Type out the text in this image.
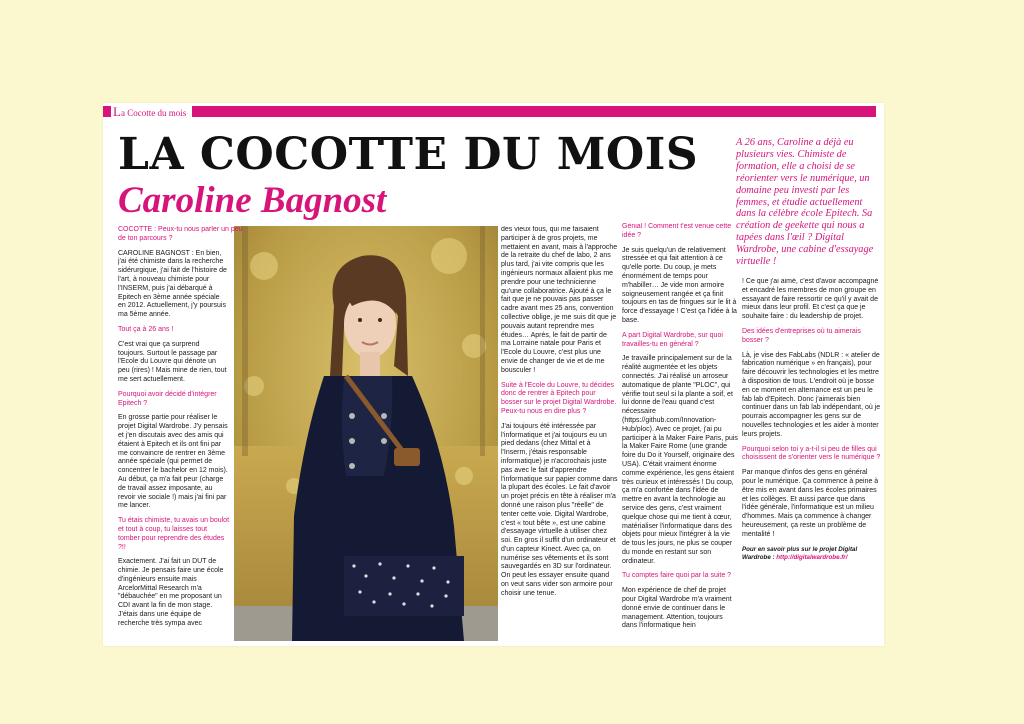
La Cocotte du mois
LA COCOTTE DU MOIS
Caroline Bagnost
A 26 ans, Caroline a déjà eu plusieurs vies. Chimiste de formation, elle a choisi de se réorienter vers le numérique, un domaine peu investi par les femmes, et étudie actuellement dans la célèbre école Epitech. Sa création de geekette qui nous a tapées dans l'œil ? Digital Wardrobe, une cabine d'essayage virtuelle !

COCOTTE : Peux-tu nous parler un peu de ton parcours ?

CAROLINE BAGNOST : En bien, j'ai été chimiste dans la recherche sidérurgique, j'ai fait de l'histoire de l'art, à nouveau chimiste pour l'INSERM, puis j'ai débarqué à Epitech en 3ème année spéciale en 2012. Actuellement, j'y poursuis ma 5ème année.

Tout ça à 26 ans !

C'est vrai que ça surprend toujours. Surtout le passage par l'Ecole du Louvre qui dénote un peu (rires) ! Mais mine de rien, tout me sert actuellement.

Pourquoi avoir décidé d'intégrer Epitech ?

En grosse partie pour réaliser le projet Digital Wardrobe. J'y pensais et j'en discutais avec des amis qui étaient à Epitech et ils ont fini par me convaincre de rentrer en 3ème année spéciale (qui permet de concentrer le bachelor en 12 mois). Au début, ça m'a fait peur (charge de travail assez imposante, au revoir vie sociale !) mais j'ai fini par me lancer.

Tu étais chimiste, tu avais un boulot et tout à coup, tu laisses tout tomber pour reprendre des études ?!!

Exactement. J'ai fait un DUT de chimie. Je pensais faire une école d'ingénieurs ensuite mais ArcelorMittal Research m'a "débauchée" en me proposant un CDI avant la fin de mon stage. J'étais dans une équipe de recherche très sympa avec

des vieux fous, qui me faisaient participer à de gros projets, me mettaient en avant, mais à l'approche de la retraite du chef de labo, 2 ans plus tard, j'ai vite compris que les ingénieurs normaux allaient plus me prendre pour une technicienne qu'une collaboratrice. Ajouté à ça le fait que je ne pouvais pas passer cadre avant mes 25 ans, convention collective oblige, je me suis dit que je pouvais autant reprendre mes études… Après, le fait de partir de ma Lorraine natale pour Paris et l'Ecole du Louvre, c'est plus une envie de changer de vie et de me bousculer !

Suite à l'Ecole du Louvre, tu décides donc de rentrer à Epitech pour bosser sur le projet Digital Wardrobe. Peux-tu nous en dire plus ?

J'ai toujours été intéressée par l'informatique et j'ai toujours eu un pied dedans (chez Mittal et à l'Inserm, j'étais responsable informatique) je n'accrochais juste pas avec le fait d'apprendre l'informatique sur papier comme dans la plupart des écoles. Le fait d'avoir un projet précis en tête à réaliser m'a donné une raison plus "réelle" de tenter cette voie. Digital Wardrobe, c'est « tout bête », est une cabine d'essayage virtuelle à utiliser chez soi. En gros il suffit d'un ordinateur et d'un capteur Kinect. Avec ça, on numérise ses vêtements et ils sont sauvegardés en 3D sur l'ordinateur. On peut les essayer ensuite quand on veut sans vider son armoire pour choisir une tenue.

Génial ! Comment t'est venue cette idée ?

Je suis quelqu'un de relativement stressée et qui fait attention à ce qu'elle porte. Du coup, je mets énormément de temps pour m'habiller… Je vide mon armoire soigneusement rangée et ça finit toujours en tas de fringues sur le lit à force d'essayage ! C'est ça l'idée à la base.

A part Digital Wardrobe, sur quoi travailles-tu en général ?

Je travaille principalement sur de la réalité augmentée et les objets connectés. J'ai réalisé un arroseur automatique de plante "PLOC", qui vérifie tout seul si la plante a soif, et lui donne de l'eau quand c'est nécessaire (https://github.com/Innovation-Hub/ploc). Avec ce projet, j'ai pu participer à la Maker Faire Paris, puis la Maker Faire Rome (une grande foire du Do it Yourself, originaire des USA). C'était vraiment énorme comme expérience, les gens étaient très curieux et intéressés ! Du coup, ça m'a confortée dans l'idée de mettre en avant la technologie au service des gens, c'est vraiment quelque chose qui me tient à cœur, matérialiser l'informatique dans des objets pour mieux l'intégrer à la vie de tous les jours, ne plus se couper du monde en restant sur son ordinateur.

Tu comptes faire quoi par la suite ?

Mon expérience de chef de projet pour Digital Wardrobe m'a vraiment donné envie de continuer dans le management. Attention, toujours dans l'informatique hein

! Ce que j'ai aimé, c'est d'avoir accompagné et encadré les membres de mon groupe en essayant de faire ressortir ce qu'il y avait de mieux dans leur profil. Et c'est ça que je souhaite faire : du leadership de projet.

Des idées d'entreprises où tu aimerais bosser ?

Là, je vise des FabLabs (NDLR : « atelier de fabrication numérique » en français), pour faire découvrir les technologies et les mettre à disposition de tous. L'endroit où je bosse en ce moment en alternance est un peu le fab lab d'Epitech. Donc j'aimerais bien continuer dans un fab lab indépendant, où je pourrais accompagner les gens sur de nouvelles technologies et les aider à monter leurs projets.

Pourquoi selon toi y a-t-il si peu de filles qui choisissent de s'orienter vers le numérique ?

Par manque d'infos des gens en général pour le numérique. Ça commence à peine à être mis en avant dans les écoles primaires et les collèges. Et aussi parce que dans l'idée générale, l'informatique est un milieu d'hommes. Mais ça commence à changer heureusement, ça reste un problème de mentalité !

Pour en savoir plus sur le projet Digital Wardrobe : http://digitalwardrobe.fr/
